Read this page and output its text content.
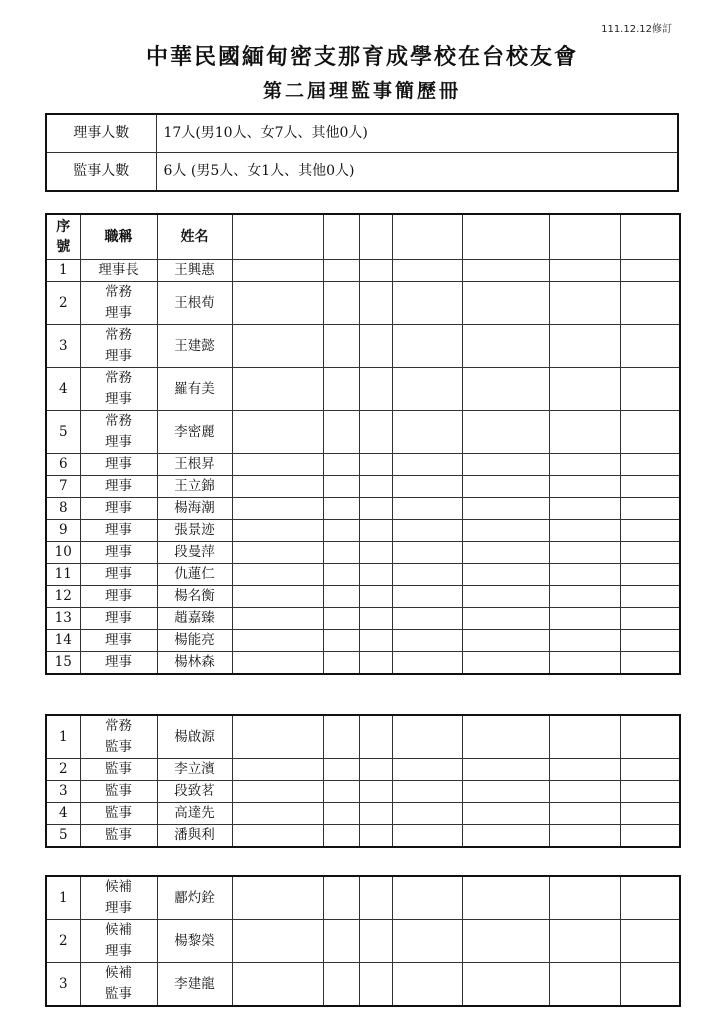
111.12.12修訂
中華民國緬甸密支那育成學校在台校友會
第二屆理監事簡歷冊
理事人數	17人(男10人、女7人、其他0人)
監事人數	6人 (男5人、女1人、其他0人)
序
號	職稱	姓名							
1	理事長	王興惠							
2	常務
理事	王根荀							
3	常務
理事	王建懿							
4	常務
理事	羅有美							
5	常務
理事	李密麗							
6	理事	王根昇							
7	理事	王立錦							
8	理事	楊海潮							
9	理事	張景迹							
10	理事	段曼萍							
11	理事	仇蓮仁							
12	理事	楊名衡							
13	理事	趙嘉臻							
14	理事	楊能亮							
15	理事	楊林森							
1	常務
監事	楊啟源							
2	監事	李立濱							
3	監事	段致茗							
4	監事	高達先							
5	監事	潘與利							
1	候補
理事	酈灼銓							
2	候補
理事	楊黎榮							
3	候補
監事	李建龍							
